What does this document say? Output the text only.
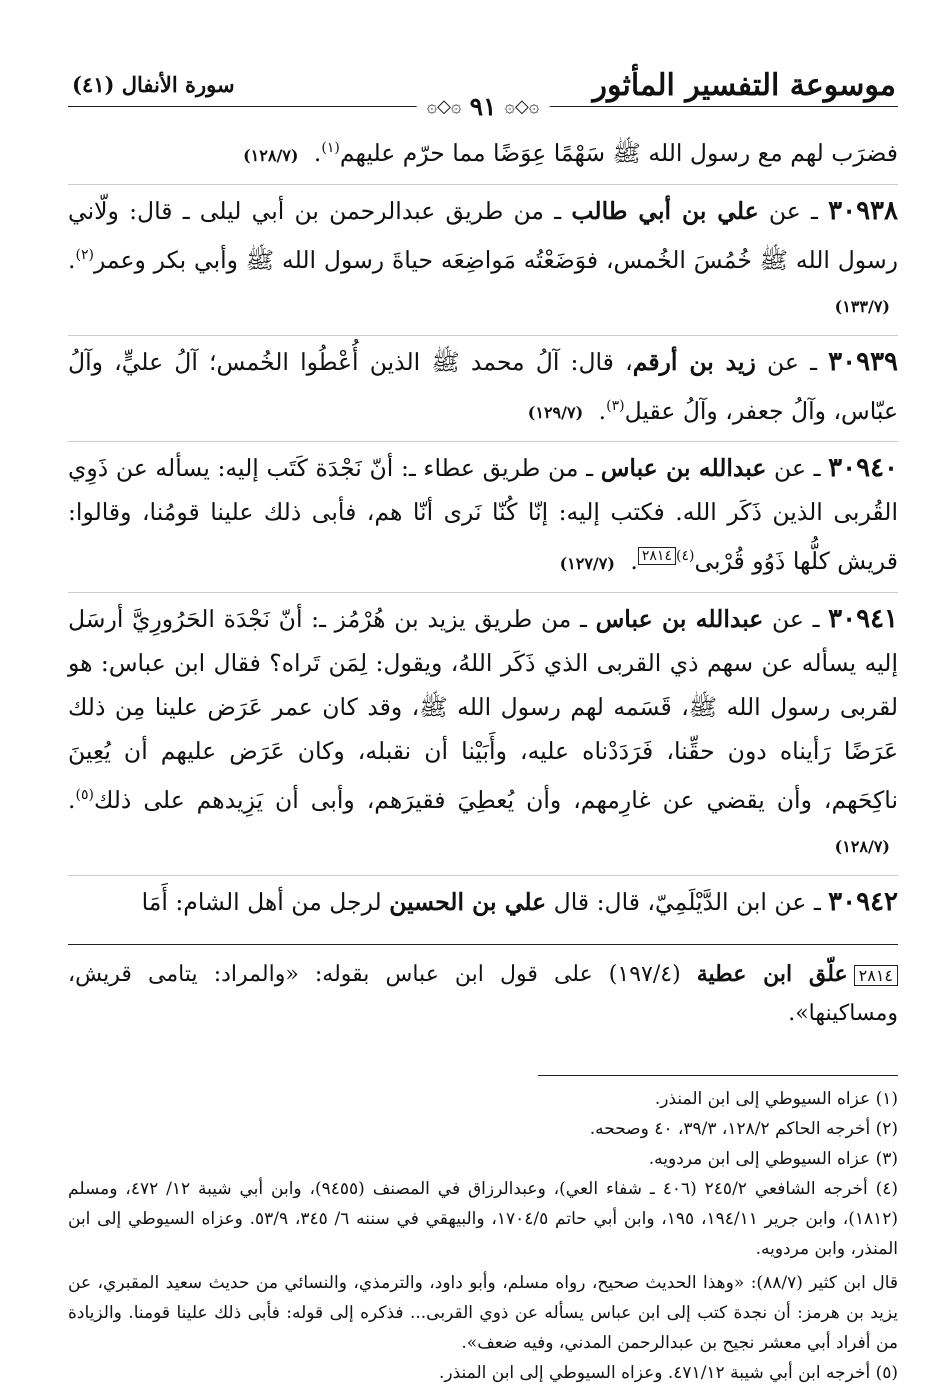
موسوعة التفسير المأثور
۞◇۞
٩١
۞◇۞
سورة الأنفال (٤١)

فضرَب لهم مع رسول الله ﷺ سَهْمًا عِوَضًا مما حرّم عليهم$^{(١)}$. (١٢٨/٧)

٣٠٩٣٨ ـ عن علي بن أبي طالب ـ من طريق عبدالرحمن بن أبي ليلى ـ قال: ولّاني رسول الله ﷺ خُمُسَ الخُمس، فوَضَعْتُه مَواضِعَه حياةَ رسول الله ﷺ وأبي بكر وعمر$^{(٢)}$. (١٣٣/٧)

٣٠٩٣٩ ـ عن زيد بن أرقم، قال: آلُ محمد ﷺ الذين أُعْطُوا الخُمس؛ آلُ عليٍّ، وآلُ عبّاس، وآلُ جعفر، وآلُ عقيل$^{(٣)}$. (١٢٩/٧)

٣٠٩٤٠ ـ عن عبدالله بن عباس ـ من طريق عطاء ـ: أنّ نَجْدَة كَتَب إليه: يسأله عن ذَوِي القُربى الذين ذَكَر الله. فكتب إليه: إنّا كُنّا نَرى أنّا هم، فأبى ذلك علينا قومُنا، وقالوا: قريش كلُّها ذَوُو قُرْبى$^{(٤)٢٨١٤}$. (١٢٧/٧)

٣٠٩٤١ ـ عن عبدالله بن عباس ـ من طريق يزيد بن هُرْمُز ـ: أنّ نَجْدَة الحَرُورِيَّ أرسَل إليه يسأله عن سهم ذي القربى الذي ذَكَر اللهُ، ويقول: لِمَن تَراه؟ فقال ابن عباس: هو لقربى رسول الله ﷺ، قَسَمه لهم رسول الله ﷺ، وقد كان عمر عَرَض علينا مِن ذلك عَرَضًا رَأيناه دون حقِّنا، فَرَدَدْناه عليه، وأَبَيْنا أن نقبله، وكان عَرَض عليهم أن يُعِينَ ناكِحَهم، وأن يقضي عن غارِمهم، وأن يُعطِيَ فقيرَهم، وأبى أن يَزِيدهم على ذلك$^{(٥)}$. (١٢٨/٧)

٣٠٩٤٢ ـ عن ابن الدَّيْلَمِيّ، قال: قال علي بن الحسين لرجل من أهل الشام: أَمَا

٢٨١٤علّق ابن عطية (١٩٧/٤) على قول ابن عباس بقوله: «والمراد: يتامى قريش، ومساكينها».

(١) عزاه السيوطي إلى ابن المنذر.

(٢) أخرجه الحاكم ١٢٨/٢، ٣٩/٣، ٤٠ وصححه.

(٣) عزاه السيوطي إلى ابن مردويه.

(٤) أخرجه الشافعي ٢٤٥/٢ (٤٠٦ ـ شفاء العي)، وعبدالرزاق في المصنف (٩٤٥٥)، وابن أبي شيبة ١٢/ ٤٧٢، ومسلم (١٨١٢)، وابن جرير ١٩٤/١١، ١٩٥، وابن أبي حاتم ١٧٠٤/٥، والبيهقي في سننه ٦/ ٣٤٥، ٥٣/٩. وعزاه السيوطي إلى ابن المنذر، وابن مردويه.

قال ابن كثير (٨٨/٧): «وهذا الحديث صحيح، رواه مسلم، وأبو داود، والترمذي، والنسائي من حديث سعيد المقبري، عن يزيد بن هرمز: أن نجدة كتب إلى ابن عباس يسأله عن ذوي القربى... فذكره إلى قوله: فأبى ذلك علينا قومنا. والزيادة من أفراد أبي معشر نجيح بن عبدالرحمن المدني، وفيه ضعف».

(٥) أخرجه ابن أبي شيبة ٤٧١/١٢. وعزاه السيوطي إلى ابن المنذر.
